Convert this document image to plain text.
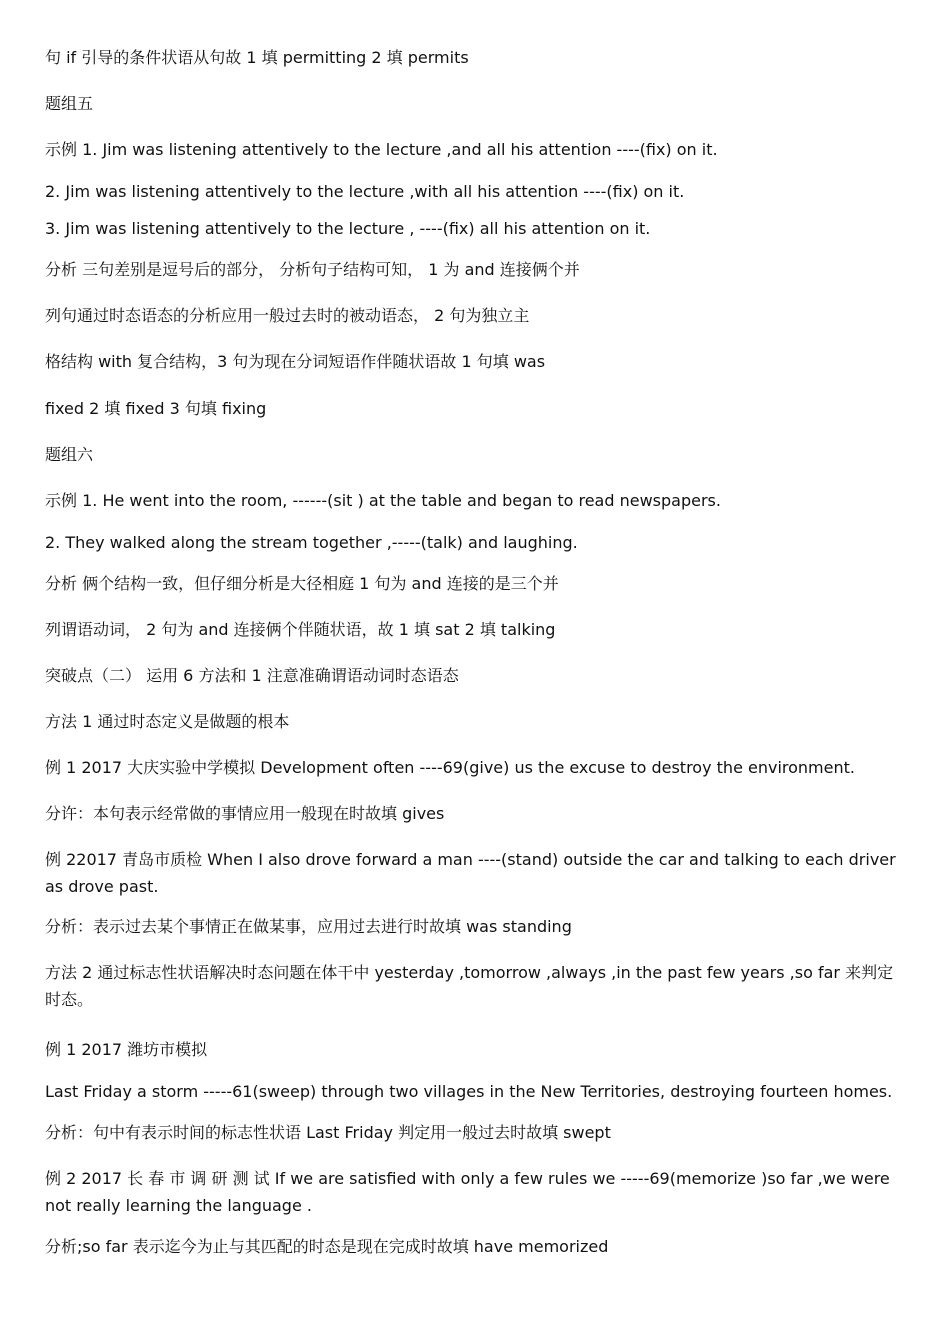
句 if 引导的条件状语从句故 1 填 permitting 2 填 permits
题组五
示例 1. Jim was listening attentively to the lecture ,and all his attention ----(fix) on it.
2. Jim was listening attentively to the lecture ,with all his attention ----(fix) on it.
3. Jim was listening attentively to the lecture , ----(fix) all his attention on it.
分析 三句差别是逗号后的部分， 分析句子结构可知， 1 为 and 连接俩个并
列句通过时态语态的分析应用一般过去时的被动语态， 2 句为独立主
格结构 with 复合结构，3 句为现在分词短语作伴随状语故 1 句填 was
fixed 2 填 fixed 3 句填 fixing
题组六
示例 1. He went into the room, ------(sit ) at the table and began to read newspapers.
2. They walked along the stream together ,-----(talk) and laughing.
分析 俩个结构一致，但仔细分析是大径相庭 1 句为 and 连接的是三个并
列谓语动词， 2 句为 and 连接俩个伴随状语，故 1 填 sat 2 填 talking
突破点（二） 运用 6 方法和 1 注意准确谓语动词时态语态
方法 1 通过时态定义是做题的根本
例 1 2017 大庆实验中学模拟 Development often ----69(give) us the excuse to destroy the environment.
分许：本句表示经常做的事情应用一般现在时故填 gives
例 22017 青岛市质检 When I also drove forward a man ----(stand) outside the car and talking to each driver as drove past.
分析：表示过去某个事情正在做某事，应用过去进行时故填 was standing
方法 2 通过标志性状语解决时态问题在体干中 yesterday ,tomorrow ,always ,in the past few years ,so far 来判定时态。
例 1 2017 潍坊市模拟
Last Friday a storm -----61(sweep) through two villages in the New Territories, destroying fourteen homes.
分析：句中有表示时间的标志性状语 Last Friday 判定用一般过去时故填 swept
例 2 2017 长 春 市 调 研 测 试 If we are satisfied with only a few rules we -----69(memorize )so far ,we were not really learning the language .
分析;so far 表示迄今为止与其匹配的时态是现在完成时故填 have memorized
